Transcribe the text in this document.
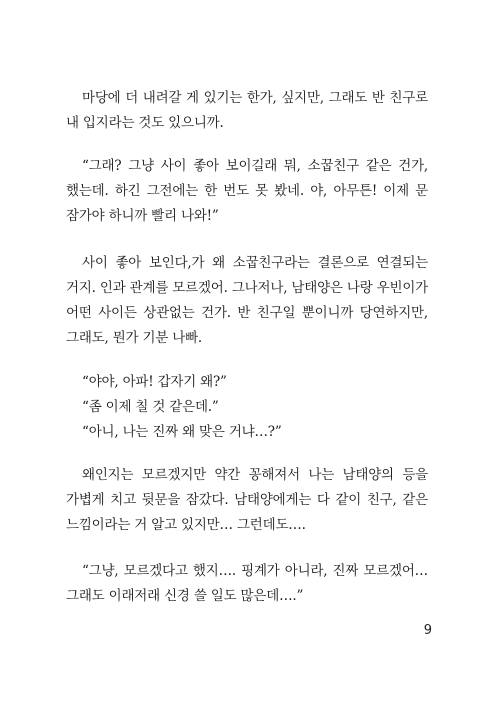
마당에 더 내려갈 게 있기는 한가, 싶지만, 그래도 반 친구로
내 입지라는 것도 있으니까.
“그래? 그냥 사이 좋아 보이길래 뭐, 소꿉친구 같은 건가,
했는데. 하긴 그전에는 한 번도 못 봤네. 야, 아무튼! 이제 문
잠가야 하니까 빨리 나와!”
사이 좋아 보인다,가 왜 소꿉친구라는 결론으로 연결되는
거지. 인과 관계를 모르겠어. 그나저나, 남태양은 나랑 우빈이가
어떤 사이든 상관없는 건가. 반 친구일 뿐이니까 당연하지만,
그래도, 뭔가 기분 나빠.
“야야, 아파! 갑자기 왜?”
“좀 이제 칠 것 같은데.”
“아니, 나는 진짜 왜 맞은 거냐…?”
왜인지는 모르겠지만 약간 꽁해져서 나는 남태양의 등을
가볍게 치고 뒷문을 잠갔다. 남태양에게는 다 같이 친구, 같은
느낌이라는 거 알고 있지만… 그런데도….
“그냥, 모르겠다고 했지…. 핑계가 아니라, 진짜 모르겠어…
그래도 이래저래 신경 쓸 일도 많은데….”
9
